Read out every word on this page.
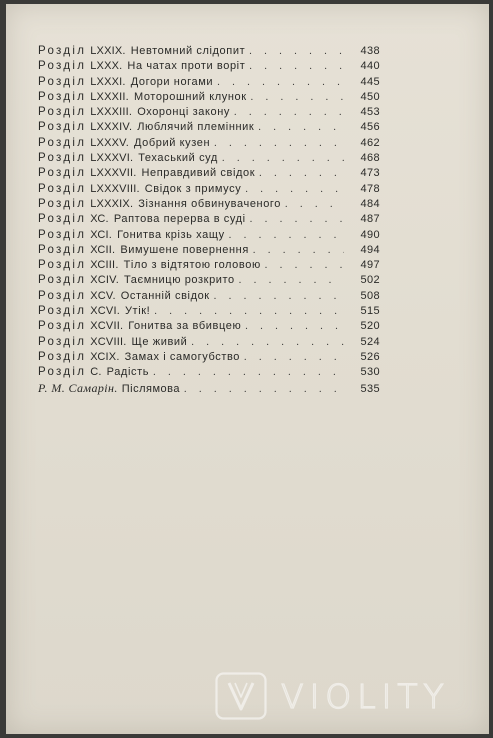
Розділ LXXIX. Невтомний слідопит . . .	438
Розділ LXXX. На чатах проти воріт . . .	440
Розділ LXXXI. Догори ногами . . .	445
Розділ LXXXII. Моторошний клунок . . .	450
Розділ LXXXIII. Охоронці закону . . .	453
Розділ LXXXIV. Люблячий племінник . . .	456
Розділ LXXXV. Добрий кузен . . .	462
Розділ LXXXVI. Техаський суд . . .	468
Розділ LXXXVII. Неправдивий свідок . . .	473
Розділ LXXXVIII. Свідок з примусу . . .	478
Розділ LXXXIX. Зізнання обвинуваченого . . .	484
Розділ ХС. Раптова перерва в суді . . .	487
Розділ ХСІ. Гонитва крізь хащу . . .	490
Розділ ХСІІ. Вимушене повернення . . .	494
Розділ ХСІІІ. Тіло з відтятою головою . . .	497
Розділ XCIV. Таємницю розкрито . . .	502
Розділ XCV. Останній свідок . . .	508
Розділ XCVI. Утік! . . .	515
Розділ XCVII. Гонитва за вбивцею . . .	520
Розділ XCVIII. Ще живий . . .	524
Розділ ХСІХ. Замах і самогубство . . .	526
Розділ С. Радість . . .	530
Р. М. Самарін. Післямова . . .	535
VIOLITY
